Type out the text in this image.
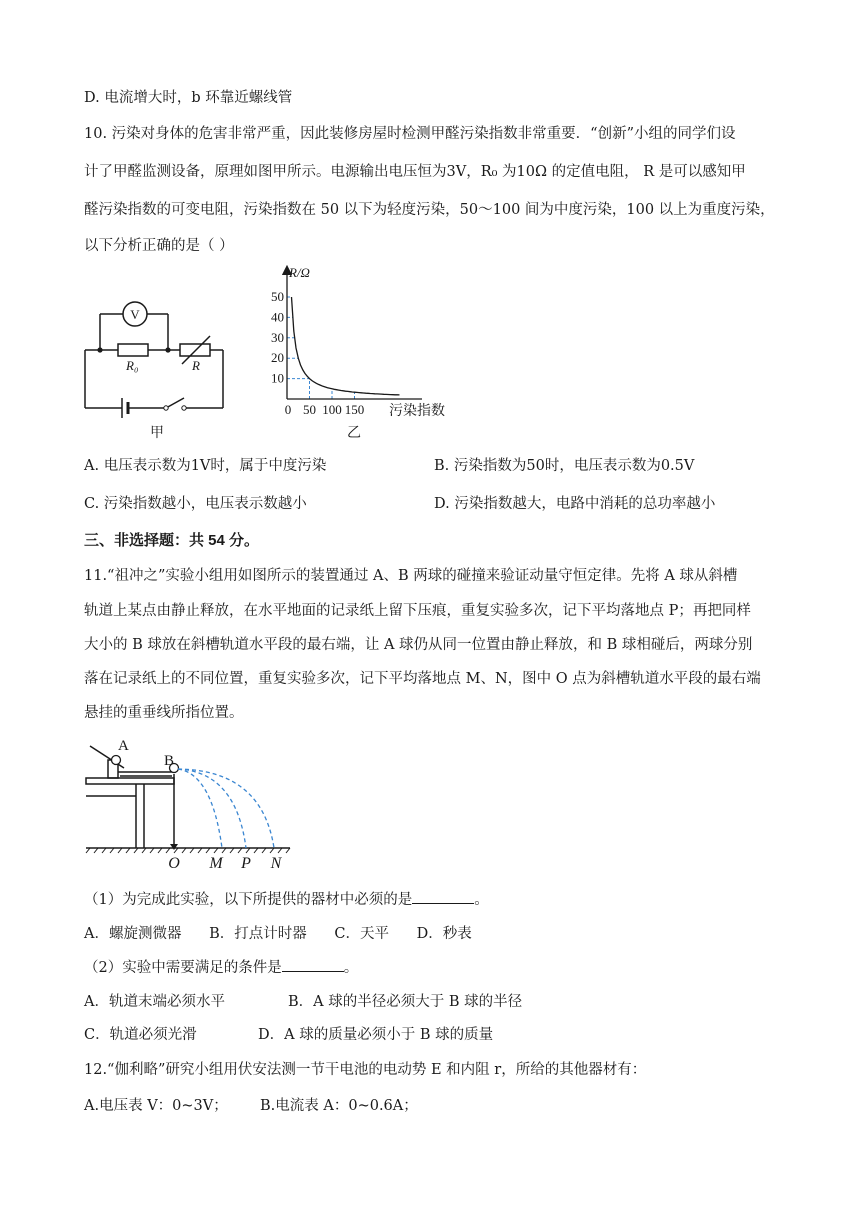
D. 电流增大时，b 环靠近螺线管
10. 污染对身体的危害非常严重，因此装修房屋时检测甲醛污染指数非常重要．“创新”小组的同学们设
计了甲醛监测设备，原理如图甲所示。电源输出电压恒为3V，R₀ 为10Ω 的定值电阻， R 是可以感知甲
醛污染指数的可变电阻，污染指数在 50 以下为轻度污染，50～100 间为中度污染，100 以上为重度污染，
以下分析正确的是（ ）
V
R₀	R
甲
R/Ω
10
20
30
40
50
50 100 150
0	污染指数
乙
A. 电压表示数为1V时，属于中度污染	B. 污染指数为50时，电压表示数为0.5V
C. 污染指数越小，电压表示数越小	D. 污染指数越大，电路中消耗的总功率越小
三、非选择题：共 54 分。
11.“祖冲之”实验小组用如图所示的装置通过 A、B 两球的碰撞来验证动量守恒定律。先将 A 球从斜槽
轨道上某点由静止释放，在水平地面的记录纸上留下压痕，重复实验多次，记下平均落地点 P；再把同样
大小的 B 球放在斜槽轨道水平段的最右端，让 A 球仍从同一位置由静止释放，和 B 球相碰后，两球分别
落在记录纸上的不同位置，重复实验多次，记下平均落地点 M、N，图中 O 点为斜槽轨道水平段的最右端
悬挂的重垂线所指位置。
A
B
O M P N
（1）为完成此实验，以下所提供的器材中必须的是	。
A．螺旋测微器      B．打点计时器      C．天平      D．秒表
（2）实验中需要满足的条件是	。
A．轨道末端必须水平	B．A 球的半径必须大于 B 球的半径
C．轨道必须光滑	D．A 球的质量必须小于 B 球的质量
12.“伽利略”研究小组用伏安法测一节干电池的电动势 E 和内阻 r，所给的其他器材有：
A.电压表 V：0~3V；       B.电流表 A：0~0.6A；
